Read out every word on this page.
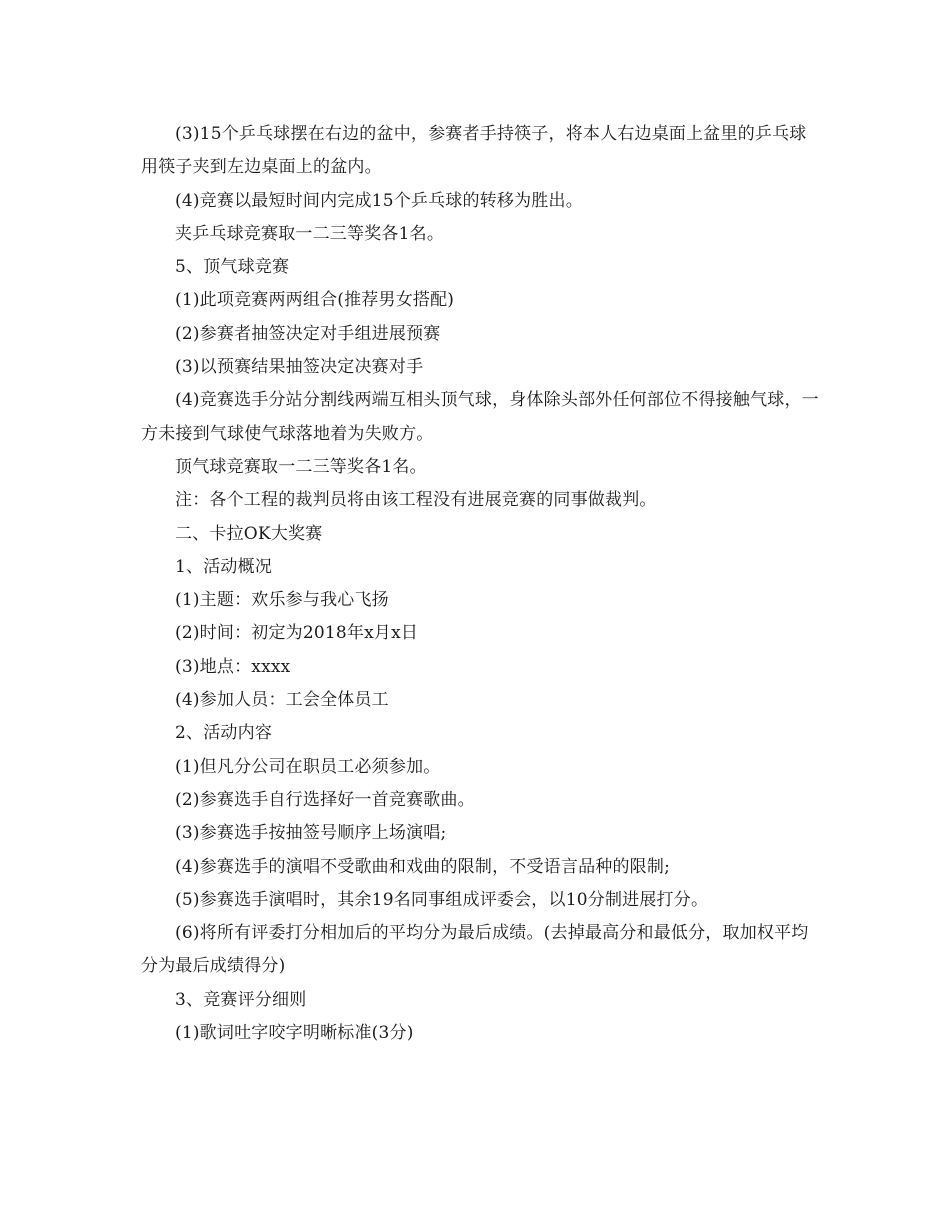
(3)15个乒乓球摆在右边的盆中，参赛者手持筷子，将本人右边桌面上盆里的乒乓球用筷子夹到左边桌面上的盆内。

(4)竞赛以最短时间内完成15个乒乓球的转移为胜出。

夹乒乓球竞赛取一二三等奖各1名。

5、顶气球竞赛

(1)此项竞赛两两组合(推荐男女搭配)

(2)参赛者抽签决定对手组进展预赛

(3)以预赛结果抽签决定决赛对手

(4)竞赛选手分站分割线两端互相头顶气球，身体除头部外任何部位不得接触气球，一方未接到气球使气球落地着为失败方。

顶气球竞赛取一二三等奖各1名。

注：各个工程的裁判员将由该工程没有进展竞赛的同事做裁判。

二、卡拉OK大奖赛

1、活动概况

(1)主题：欢乐参与我心飞扬

(2)时间：初定为2018年x月x日

(3)地点：xxxx

(4)参加人员：工会全体员工

2、活动内容

(1)但凡分公司在职员工必须参加。

(2)参赛选手自行选择好一首竞赛歌曲。

(3)参赛选手按抽签号顺序上场演唱;

(4)参赛选手的演唱不受歌曲和戏曲的限制，不受语言品种的限制;

(5)参赛选手演唱时，其余19名同事组成评委会，以10分制进展打分。

(6)将所有评委打分相加后的平均分为最后成绩。(去掉最高分和最低分，取加权平均分为最后成绩得分)

3、竞赛评分细则

(1)歌词吐字咬字明晰标准(3分)
